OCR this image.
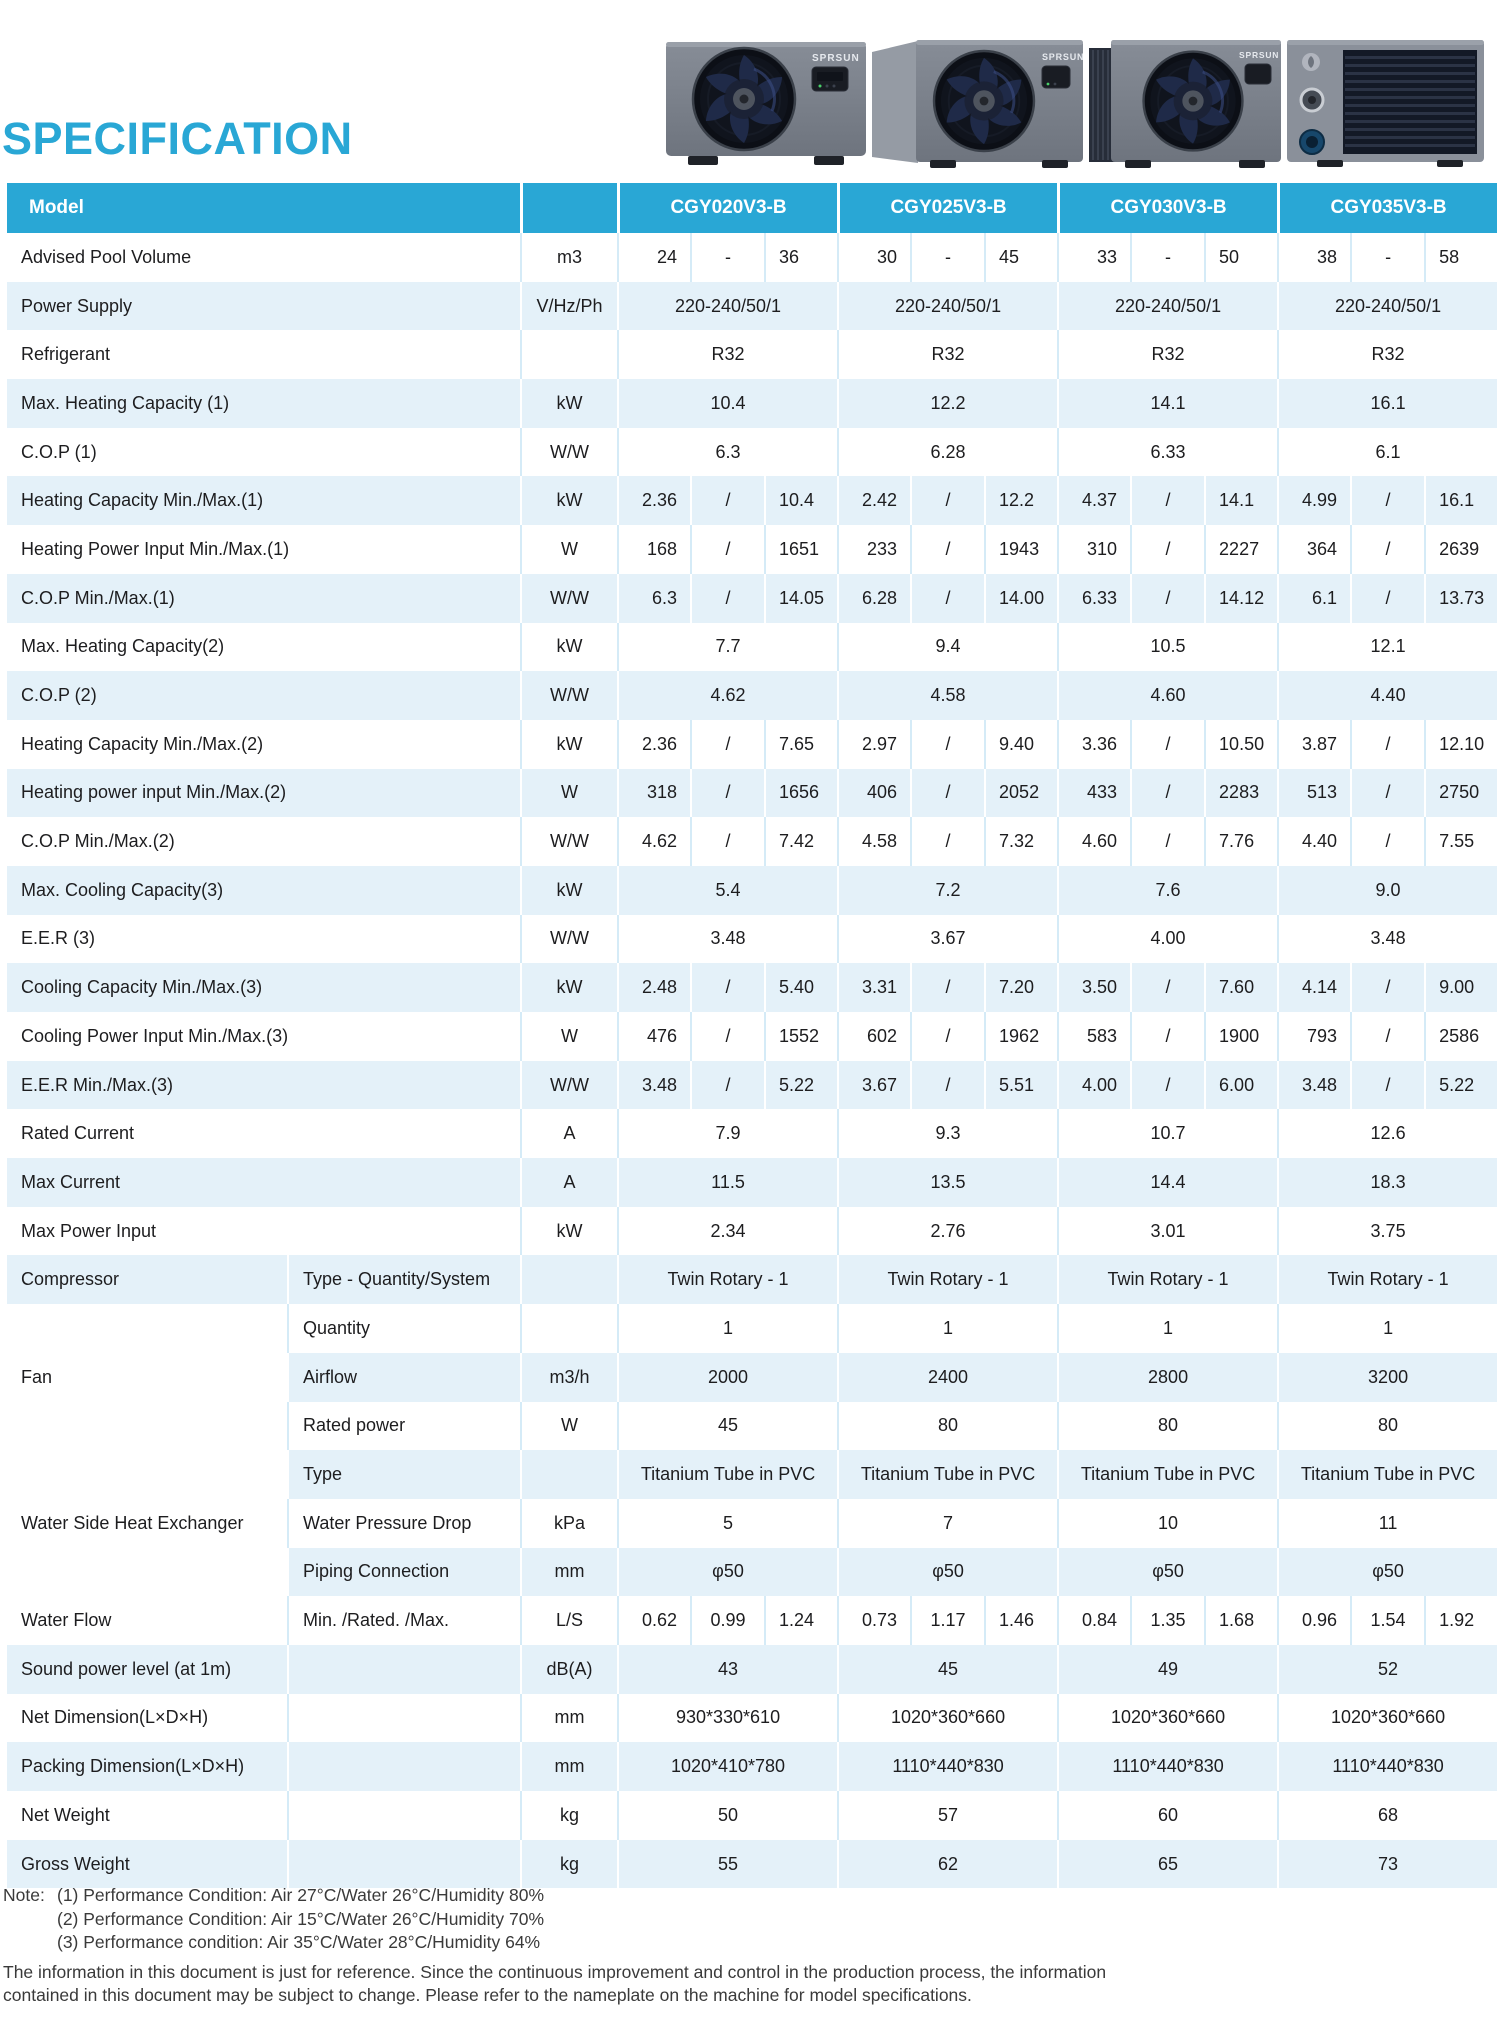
SPECIFICATION
SPRSUN	SPRSUN	SPRSUN
Model			CGY020V3-B			CGY025V3-B			CGY030V3-B			CGY035V3-B		
Advised Pool Volume		m3	24	-	36	30	-	45	33	-	50	38	-	58
Power Supply		V/Hz/Ph	220-240/50/1			220-240/50/1			220-240/50/1			220-240/50/1		
Refrigerant			R32			R32			R32			R32		
Max. Heating Capacity (1)		kW	10.4			12.2			14.1			16.1		
C.O.P (1)		W/W	6.3			6.28			6.33			6.1		
Heating Capacity Min./Max.(1)		kW	2.36	/	10.4	2.42	/	12.2	4.37	/	14.1	4.99	/	16.1
Heating Power Input Min./Max.(1)		W	168	/	1651	233	/	1943	310	/	2227	364	/	2639
C.O.P Min./Max.(1)		W/W	6.3	/	14.05	6.28	/	14.00	6.33	/	14.12	6.1	/	13.73
Max. Heating Capacity(2)		kW	7.7			9.4			10.5			12.1		
C.O.P (2)		W/W	4.62			4.58			4.60			4.40		
Heating Capacity Min./Max.(2)		kW	2.36	/	7.65	2.97	/	9.40	3.36	/	10.50	3.87	/	12.10
Heating power input Min./Max.(2)		W	318	/	1656	406	/	2052	433	/	2283	513	/	2750
C.O.P Min./Max.(2)		W/W	4.62	/	7.42	4.58	/	7.32	4.60	/	7.76	4.40	/	7.55
Max. Cooling Capacity(3)		kW	5.4			7.2			7.6			9.0		
E.E.R (3)		W/W	3.48			3.67			4.00			3.48		
Cooling Capacity Min./Max.(3)		kW	2.48	/	5.40	3.31	/	7.20	3.50	/	7.60	4.14	/	9.00
Cooling Power Input Min./Max.(3)		W	476	/	1552	602	/	1962	583	/	1900	793	/	2586
E.E.R Min./Max.(3)		W/W	3.48	/	5.22	3.67	/	5.51	4.00	/	6.00	3.48	/	5.22
Rated Current		A	7.9			9.3			10.7			12.6		
Max Current		A	11.5			13.5			14.4			18.3		
Max Power Input		kW	2.34			2.76			3.01			3.75		
Compressor	Type - Quantity/System		Twin Rotary - 1			Twin Rotary - 1			Twin Rotary - 1			Twin Rotary - 1		
Fan	Quantity		1			1			1			1		
	Airflow	m3/h	2000			2400			2800			3200		
	Rated power	W	45			80			80			80		
Water Side Heat Exchanger	Type		Titanium Tube in PVC			Titanium Tube in PVC			Titanium Tube in PVC			Titanium Tube in PVC		
	Water Pressure Drop	kPa	5			7			10			11		
	Piping Connection	mm	φ50			φ50			φ50			φ50		
Water Flow	Min. /Rated. /Max.	L/S	0.62	0.99	1.24	0.73	1.17	1.46	0.84	1.35	1.68	0.96	1.54	1.92
Sound power level (at 1m)		dB(A)	43			45			49			52		
Net Dimension(L×D×H)		mm	930*330*610			1020*360*660			1020*360*660			1020*360*660		
Packing Dimension(L×D×H)		mm	1020*410*780			1110*440*830			1110*440*830			1110*440*830		
Net Weight		kg	50			57			60			68		
Gross Weight		kg	55			62			65			73		
Note: (1) Performance Condition: Air 27°C/Water 26°C/Humidity 80%
(2) Performance Condition: Air 15°C/Water 26°C/Humidity 70%
(3) Performance condition: Air 35°C/Water 28°C/Humidity 64%
The information in this document is just for reference. Since the continuous improvement and control in the production process, the information
contained in this document may be subject to change. Please refer to the nameplate on the machine for model specifications.
